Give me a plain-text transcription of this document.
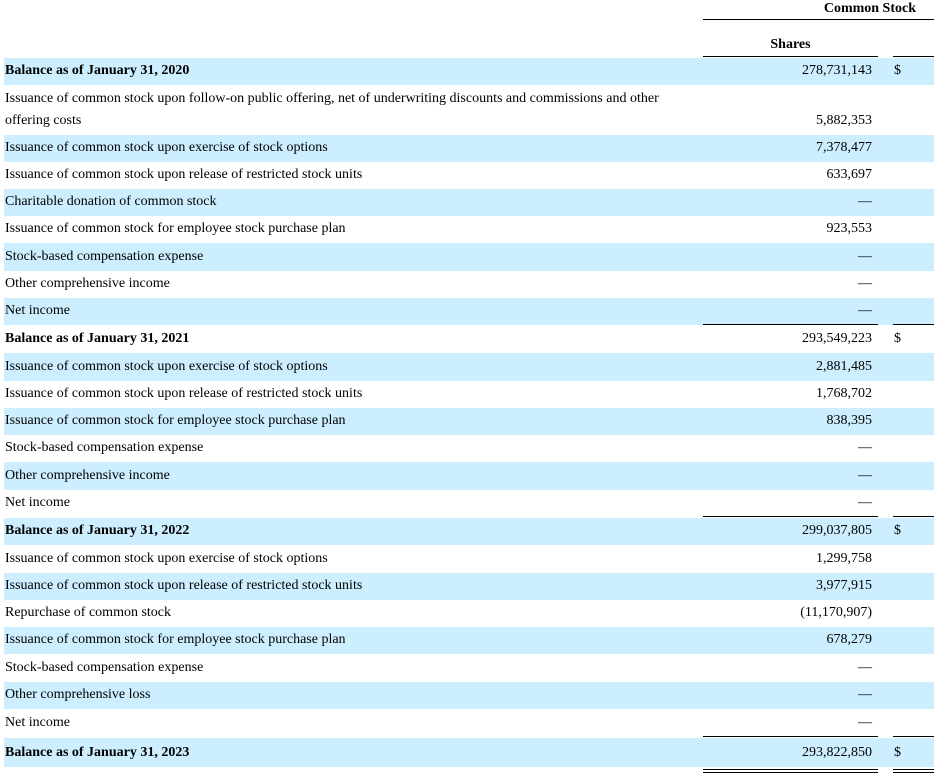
Common Stock
Shares
Balance as of January 31, 2020	278,731,143 $
Issuance of common stock upon follow-on public offering, net of underwriting discounts and commissions and other offering costs	5,882,353
Issuance of common stock upon exercise of stock options	7,378,477
Issuance of common stock upon release of restricted stock units	633,697
Charitable donation of common stock	—
Issuance of common stock for employee stock purchase plan	923,553
Stock-based compensation expense	—
Other comprehensive income	—
Net income	—
Balance as of January 31, 2021	293,549,223 $
Issuance of common stock upon exercise of stock options	2,881,485
Issuance of common stock upon release of restricted stock units	1,768,702
Issuance of common stock for employee stock purchase plan	838,395
Stock-based compensation expense	—
Other comprehensive income	—
Net income	—
Balance as of January 31, 2022	299,037,805 $
Issuance of common stock upon exercise of stock options	1,299,758
Issuance of common stock upon release of restricted stock units	3,977,915
Repurchase of common stock	(11,170,907)
Issuance of common stock for employee stock purchase plan	678,279
Stock-based compensation expense	—
Other comprehensive loss	—
Net income	—
Balance as of January 31, 2023	293,822,850 $
